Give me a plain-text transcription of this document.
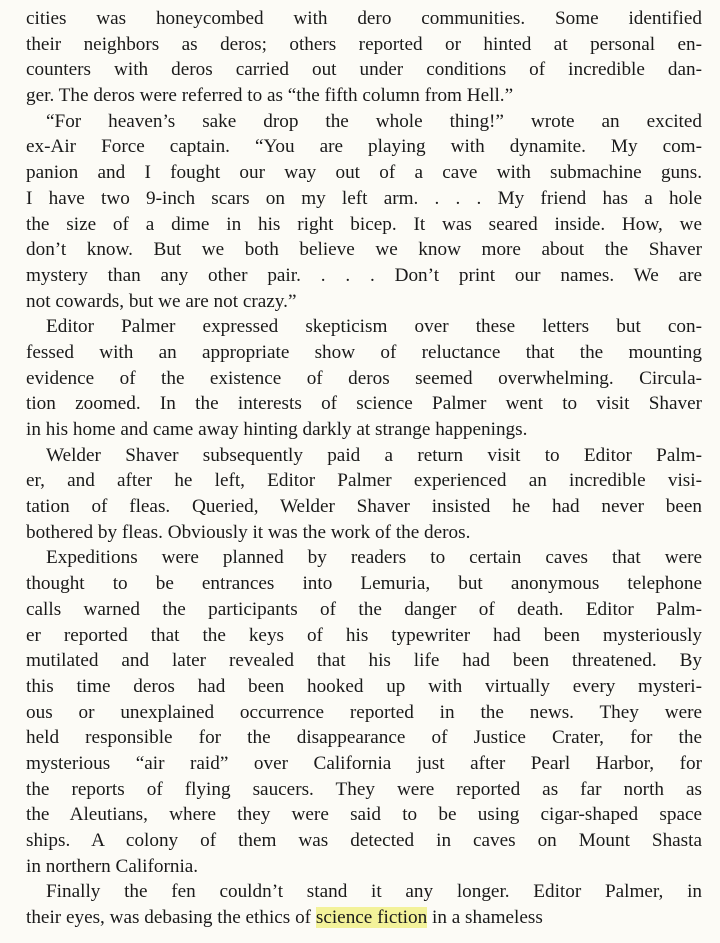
cities was honeycombed with dero communities. Some identified
their neighbors as deros; others reported or hinted at personal en-
counters with deros carried out under conditions of incredible dan-
ger. The deros were referred to as “the fifth column from Hell.”
“For heaven’s sake drop the whole thing!” wrote an excited
ex-Air Force captain. “You are playing with dynamite. My com-
panion and I fought our way out of a cave with submachine guns.
I have two 9-inch scars on my left arm. . . . My friend has a hole
the size of a dime in his right bicep. It was seared inside. How, we
don’t know. But we both believe we know more about the Shaver
mystery than any other pair. . . . Don’t print our names. We are
not cowards, but we are not crazy.”
Editor Palmer expressed skepticism over these letters but con-
fessed with an appropriate show of reluctance that the mounting
evidence of the existence of deros seemed overwhelming. Circula-
tion zoomed. In the interests of science Palmer went to visit Shaver
in his home and came away hinting darkly at strange happenings.
Welder Shaver subsequently paid a return visit to Editor Palm-
er, and after he left, Editor Palmer experienced an incredible visi-
tation of fleas. Queried, Welder Shaver insisted he had never been
bothered by fleas. Obviously it was the work of the deros.
Expeditions were planned by readers to certain caves that were
thought to be entrances into Lemuria, but anonymous telephone
calls warned the participants of the danger of death. Editor Palm-
er reported that the keys of his typewriter had been mysteriously
mutilated and later revealed that his life had been threatened. By
this time deros had been hooked up with virtually every mysteri-
ous or unexplained occurrence reported in the news. They were
held responsible for the disappearance of Justice Crater, for the
mysterious “air raid” over California just after Pearl Harbor, for
the reports of flying saucers. They were reported as far north as
the Aleutians, where they were said to be using cigar-shaped space
ships. A colony of them was detected in caves on Mount Shasta
in northern California.
Finally the fen couldn’t stand it any longer. Editor Palmer, in
their eyes, was debasing the ethics of science fiction in a shameless
